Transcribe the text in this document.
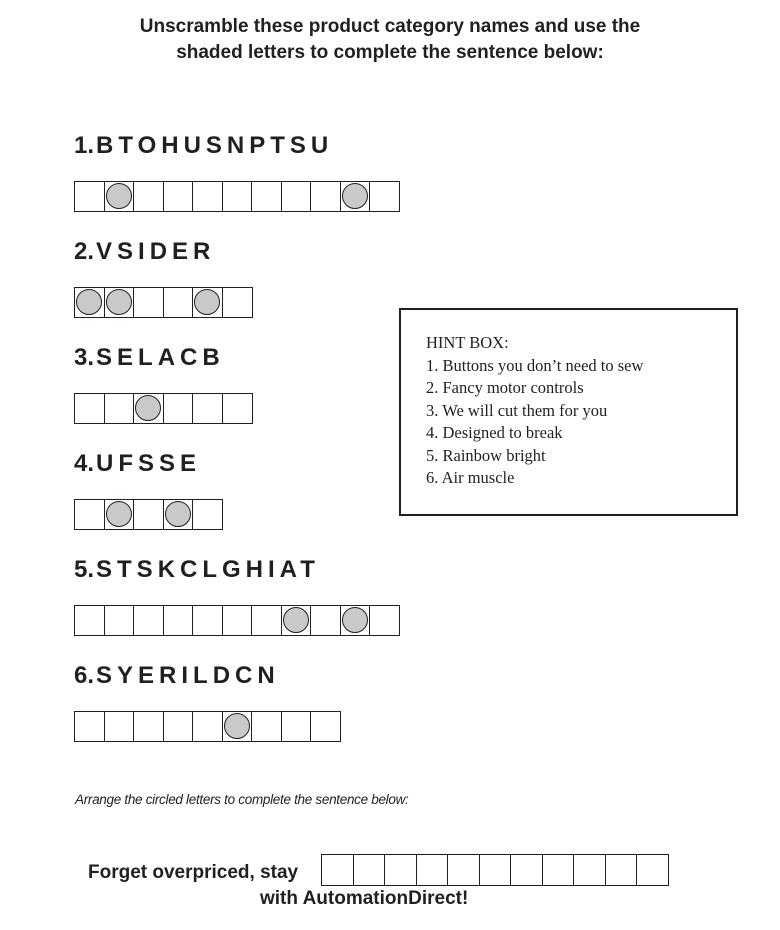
Unscramble these product category names and use the
shaded letters to complete the sentence below:
1.BTOHUSNPTSU
2.VSIDER
3.SELACB
4.UFSSE
5.STSKCLGHIAT
6.SYERILDCN
HINT BOX:
1. Buttons you don’t need to sew
2. Fancy motor controls
3. We will cut them for you
4. Designed to break
5. Rainbow bright
6. Air muscle
Arrange the circled letters to complete the sentence below:
Forget overpriced, stay
with AutomationDirect!
